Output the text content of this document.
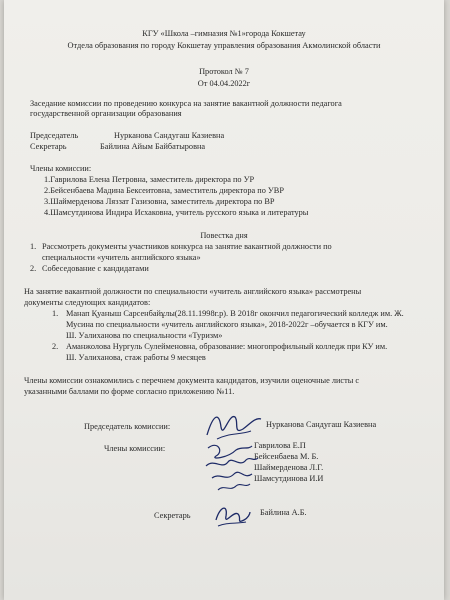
КГУ «Школа –гимназия №1»города Кокшетау
Отдела образования по городу Кокшетау управления образования Акмолинской области
Протокол № 7
От 04.04.2022г
Заседание комиссии по проведению конкурса на занятие вакантной должности педагога
государственной организации образования
Председатель	Нурканова Сандугаш Казиевна
Секретарь	Байлина Айым Байбатыровна
Члены комиссии:
1.Гаврилова Елена Петровна, заместитель директора по УР
2.Бейсенбаева Мадина Бексеитовна, заместитель директора по УВР
3.Шаймерденова Ляззат Газизовна, заместитель директора по ВР
4.Шамсутдинова Индира Исхаковна, учитель русского языка и литературы
Повестка дня
1. Рассмотреть документы участников конкурса на занятие вакантной должности по
специальности «учитель английского языка»
2. Собеседование с кандидатами
На занятие вакантной должности по специальности «учитель английского языка» рассмотрены
документы следующих кандидатов:
1. Манап Қуаныш Сарсенбайұлы(28.11.1998г.р). В 2018г окончил педагогический колледж им. Ж.
Мусина по специальности «учитель английского языка», 2018-2022г –обучается в КГУ им.
Ш. Уалиханова по специальности «Туризм»
2. Аманжолова Нургуль Сулейменовна, образование: многопрофильный колледж при КУ им.
Ш. Уалиханова, стаж работы 9 месяцев
Члены комиссии ознакомились с перечнем документа кандидатов, изучили оценочные листы с
указанными баллами по форме согласно приложению №11.
Председатель комиссии:	Нурканова Сандугаш Казиевна
Члены комиссии:	Гаврилова Е.П
Бейсенбаева М. Б.
Шаймерденова Л.Г.
Шамсутдинова И.И
Секретарь	Байлина А.Б.
